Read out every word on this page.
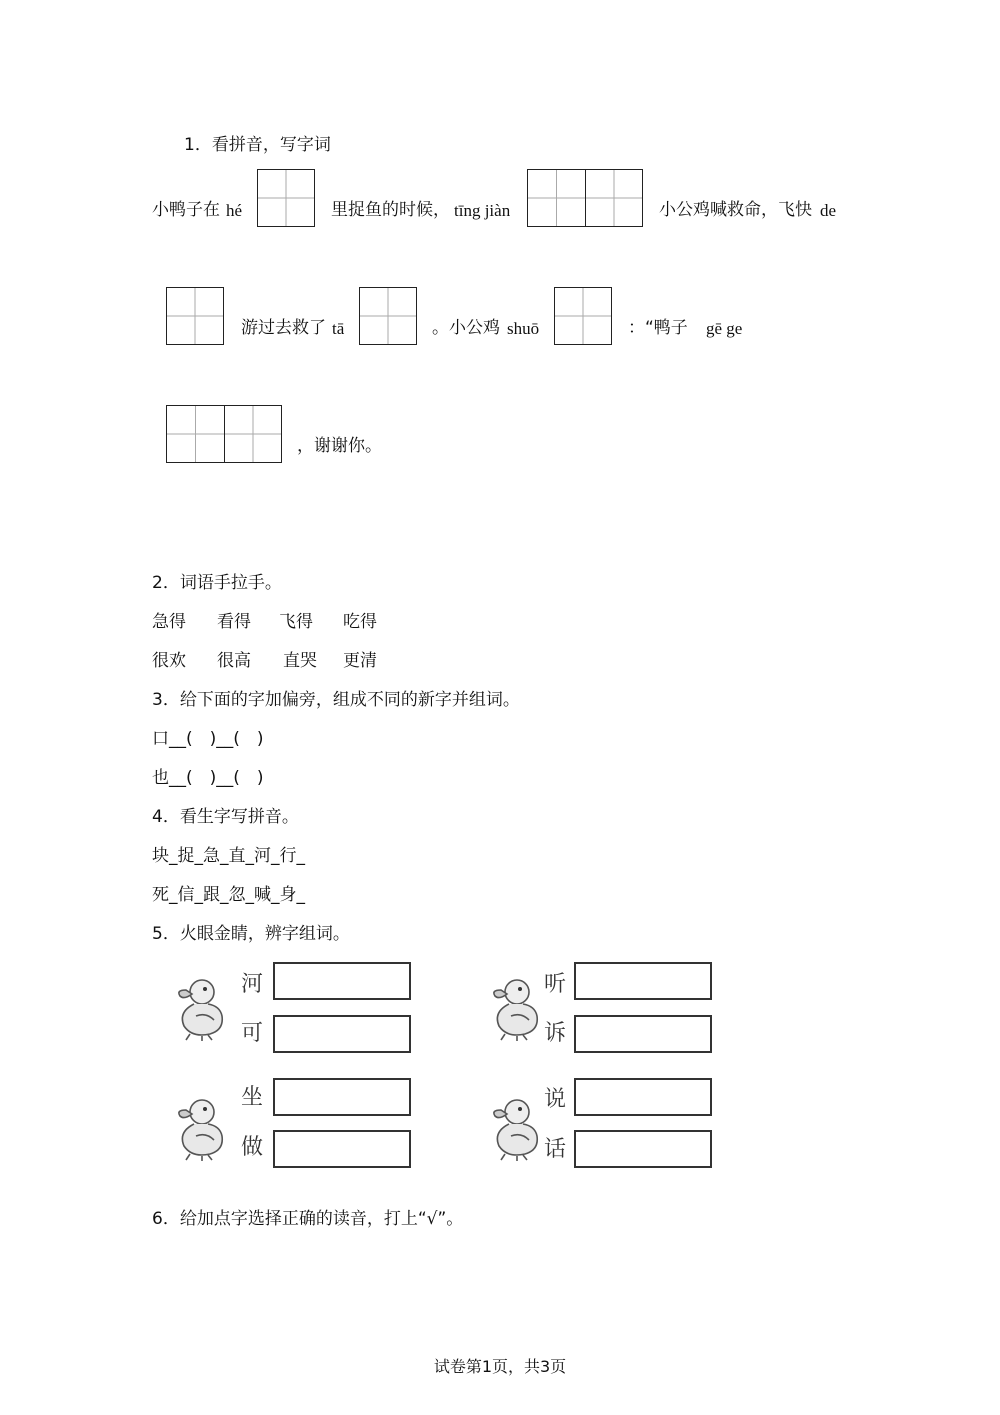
1．看拼音，写字词
小鸭子在 hé	里捉鱼的时候， tīng jiàn	小公鸡喊救命，飞快 de
游过去救了 tā	。小公鸡 shuō	：“鸭子 gē ge
，谢谢你。
2．词语手拉手。
急得 看得 飞得 吃得
很欢 很高 直哭 更清
3．给下面的字加偏旁，组成不同的新字并组词。
口__(　)__(　)
也__(　)__(　)
4．看生字写拼音。
块_捉_急_直_河_行_
死_信_跟_忽_喊_身_
5．火眼金睛，辨字组词。
河
可
听
诉
坐
做
说
话
6．给加点字选择正确的读音，打上“√”。
试卷第1页，共3页
